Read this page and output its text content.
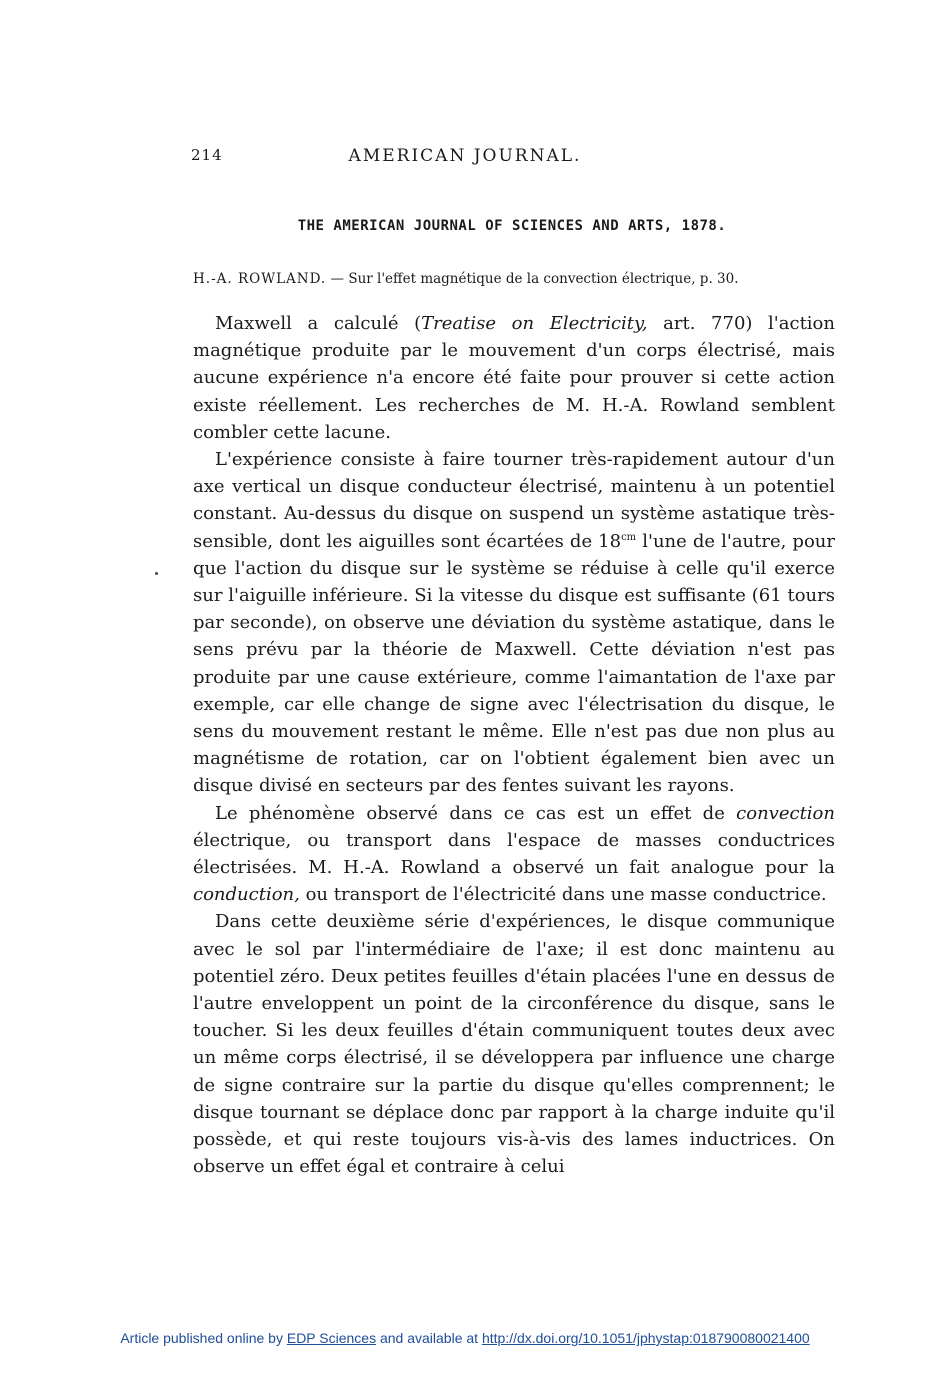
214	AMERICAN JOURNAL.
THE AMERICAN JOURNAL OF SCIENCES AND ARTS, 1878.
H.-A. ROWLAND. — Sur l'effet magnétique de la convection électrique, p. 30.

Maxwell a calculé (Treatise on Electricity, art. 770) l'action magnétique produite par le mouvement d'un corps électrisé, mais aucune expérience n'a encore été faite pour prouver si cette action existe réellement. Les recherches de M. H.-A. Rowland semblent combler cette lacune.

L'expérience consiste à faire tourner très-rapidement autour d'un axe vertical un disque conducteur électrisé, maintenu à un potentiel constant. Au-dessus du disque on suspend un système astatique très-sensible, dont les aiguilles sont écartées de $18^{cm}$ l'une de l'autre, pour que l'action du disque sur le système se réduise à celle qu'il exerce sur l'aiguille inférieure. Si la vitesse du disque est suffisante (61 tours par seconde), on observe une déviation du système astatique, dans le sens prévu par la théorie de Maxwell. Cette déviation n'est pas produite par une cause extérieure, comme l'aimantation de l'axe par exemple, car elle change de signe avec l'électrisation du disque, le sens du mouvement restant le même. Elle n'est pas due non plus au magnétisme de rotation, car on l'obtient également bien avec un disque divisé en secteurs par des fentes suivant les rayons.

Le phénomène observé dans ce cas est un effet de convection électrique, ou transport dans l'espace de masses conductrices électrisées. M. H.-A. Rowland a observé un fait analogue pour la conduction, ou transport de l'électricité dans une masse conductrice.

Dans cette deuxième série d'expériences, le disque communique avec le sol par l'intermédiaire de l'axe; il est donc maintenu au potentiel zéro. Deux petites feuilles d'étain placées l'une en dessus de l'autre enveloppent un point de la circonférence du disque, sans le toucher. Si les deux feuilles d'étain communiquent toutes deux avec un même corps électrisé, il se développera par influence une charge de signe contraire sur la partie du disque qu'elles comprennent; le disque tournant se déplace donc par rapport à la charge induite qu'il possède, et qui reste toujours vis-à-vis des lames inductrices. On observe un effet égal et contraire à celui

Article published online by EDP Sciences and available at http://dx.doi.org/10.1051/jphystap:018790080021400
